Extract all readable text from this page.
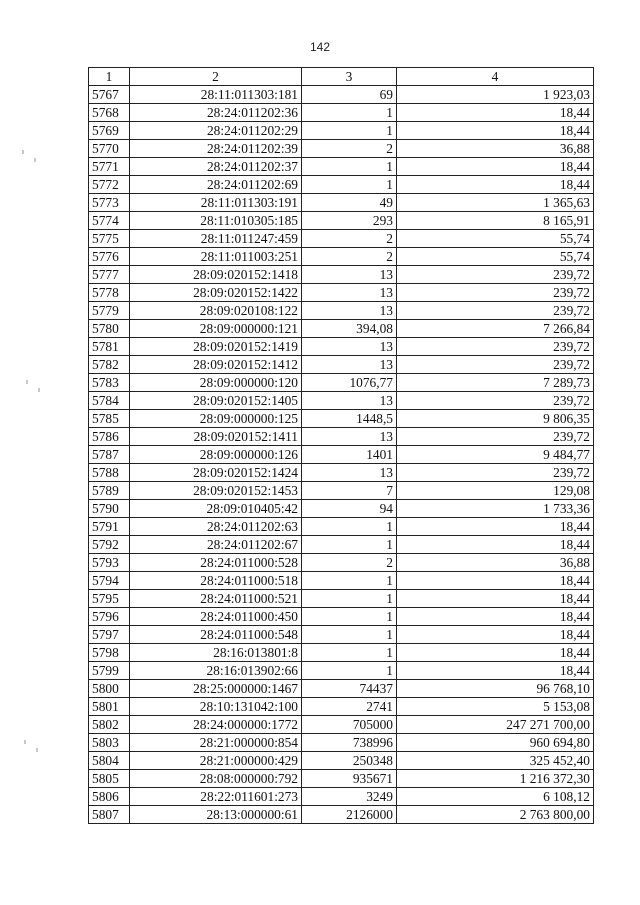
142
1	2	3	4
5767	28:11:011303:181	69	1 923,03
5768	28:24:011202:36	1	18,44
5769	28:24:011202:29	1	18,44
5770	28:24:011202:39	2	36,88
5771	28:24:011202:37	1	18,44
5772	28:24:011202:69	1	18,44
5773	28:11:011303:191	49	1 365,63
5774	28:11:010305:185	293	8 165,91
5775	28:11:011247:459	2	55,74
5776	28:11:011003:251	2	55,74
5777	28:09:020152:1418	13	239,72
5778	28:09:020152:1422	13	239,72
5779	28:09:020108:122	13	239,72
5780	28:09:000000:121	394,08	7 266,84
5781	28:09:020152:1419	13	239,72
5782	28:09:020152:1412	13	239,72
5783	28:09:000000:120	1076,77	7 289,73
5784	28:09:020152:1405	13	239,72
5785	28:09:000000:125	1448,5	9 806,35
5786	28:09:020152:1411	13	239,72
5787	28:09:000000:126	1401	9 484,77
5788	28:09:020152:1424	13	239,72
5789	28:09:020152:1453	7	129,08
5790	28:09:010405:42	94	1 733,36
5791	28:24:011202:63	1	18,44
5792	28:24:011202:67	1	18,44
5793	28:24:011000:528	2	36,88
5794	28:24:011000:518	1	18,44
5795	28:24:011000:521	1	18,44
5796	28:24:011000:450	1	18,44
5797	28:24:011000:548	1	18,44
5798	28:16:013801:8	1	18,44
5799	28:16:013902:66	1	18,44
5800	28:25:000000:1467	74437	96 768,10
5801	28:10:131042:100	2741	5 153,08
5802	28:24:000000:1772	705000	247 271 700,00
5803	28:21:000000:854	738996	960 694,80
5804	28:21:000000:429	250348	325 452,40
5805	28:08:000000:792	935671	1 216 372,30
5806	28:22:011601:273	3249	6 108,12
5807	28:13:000000:61	2126000	2 763 800,00
